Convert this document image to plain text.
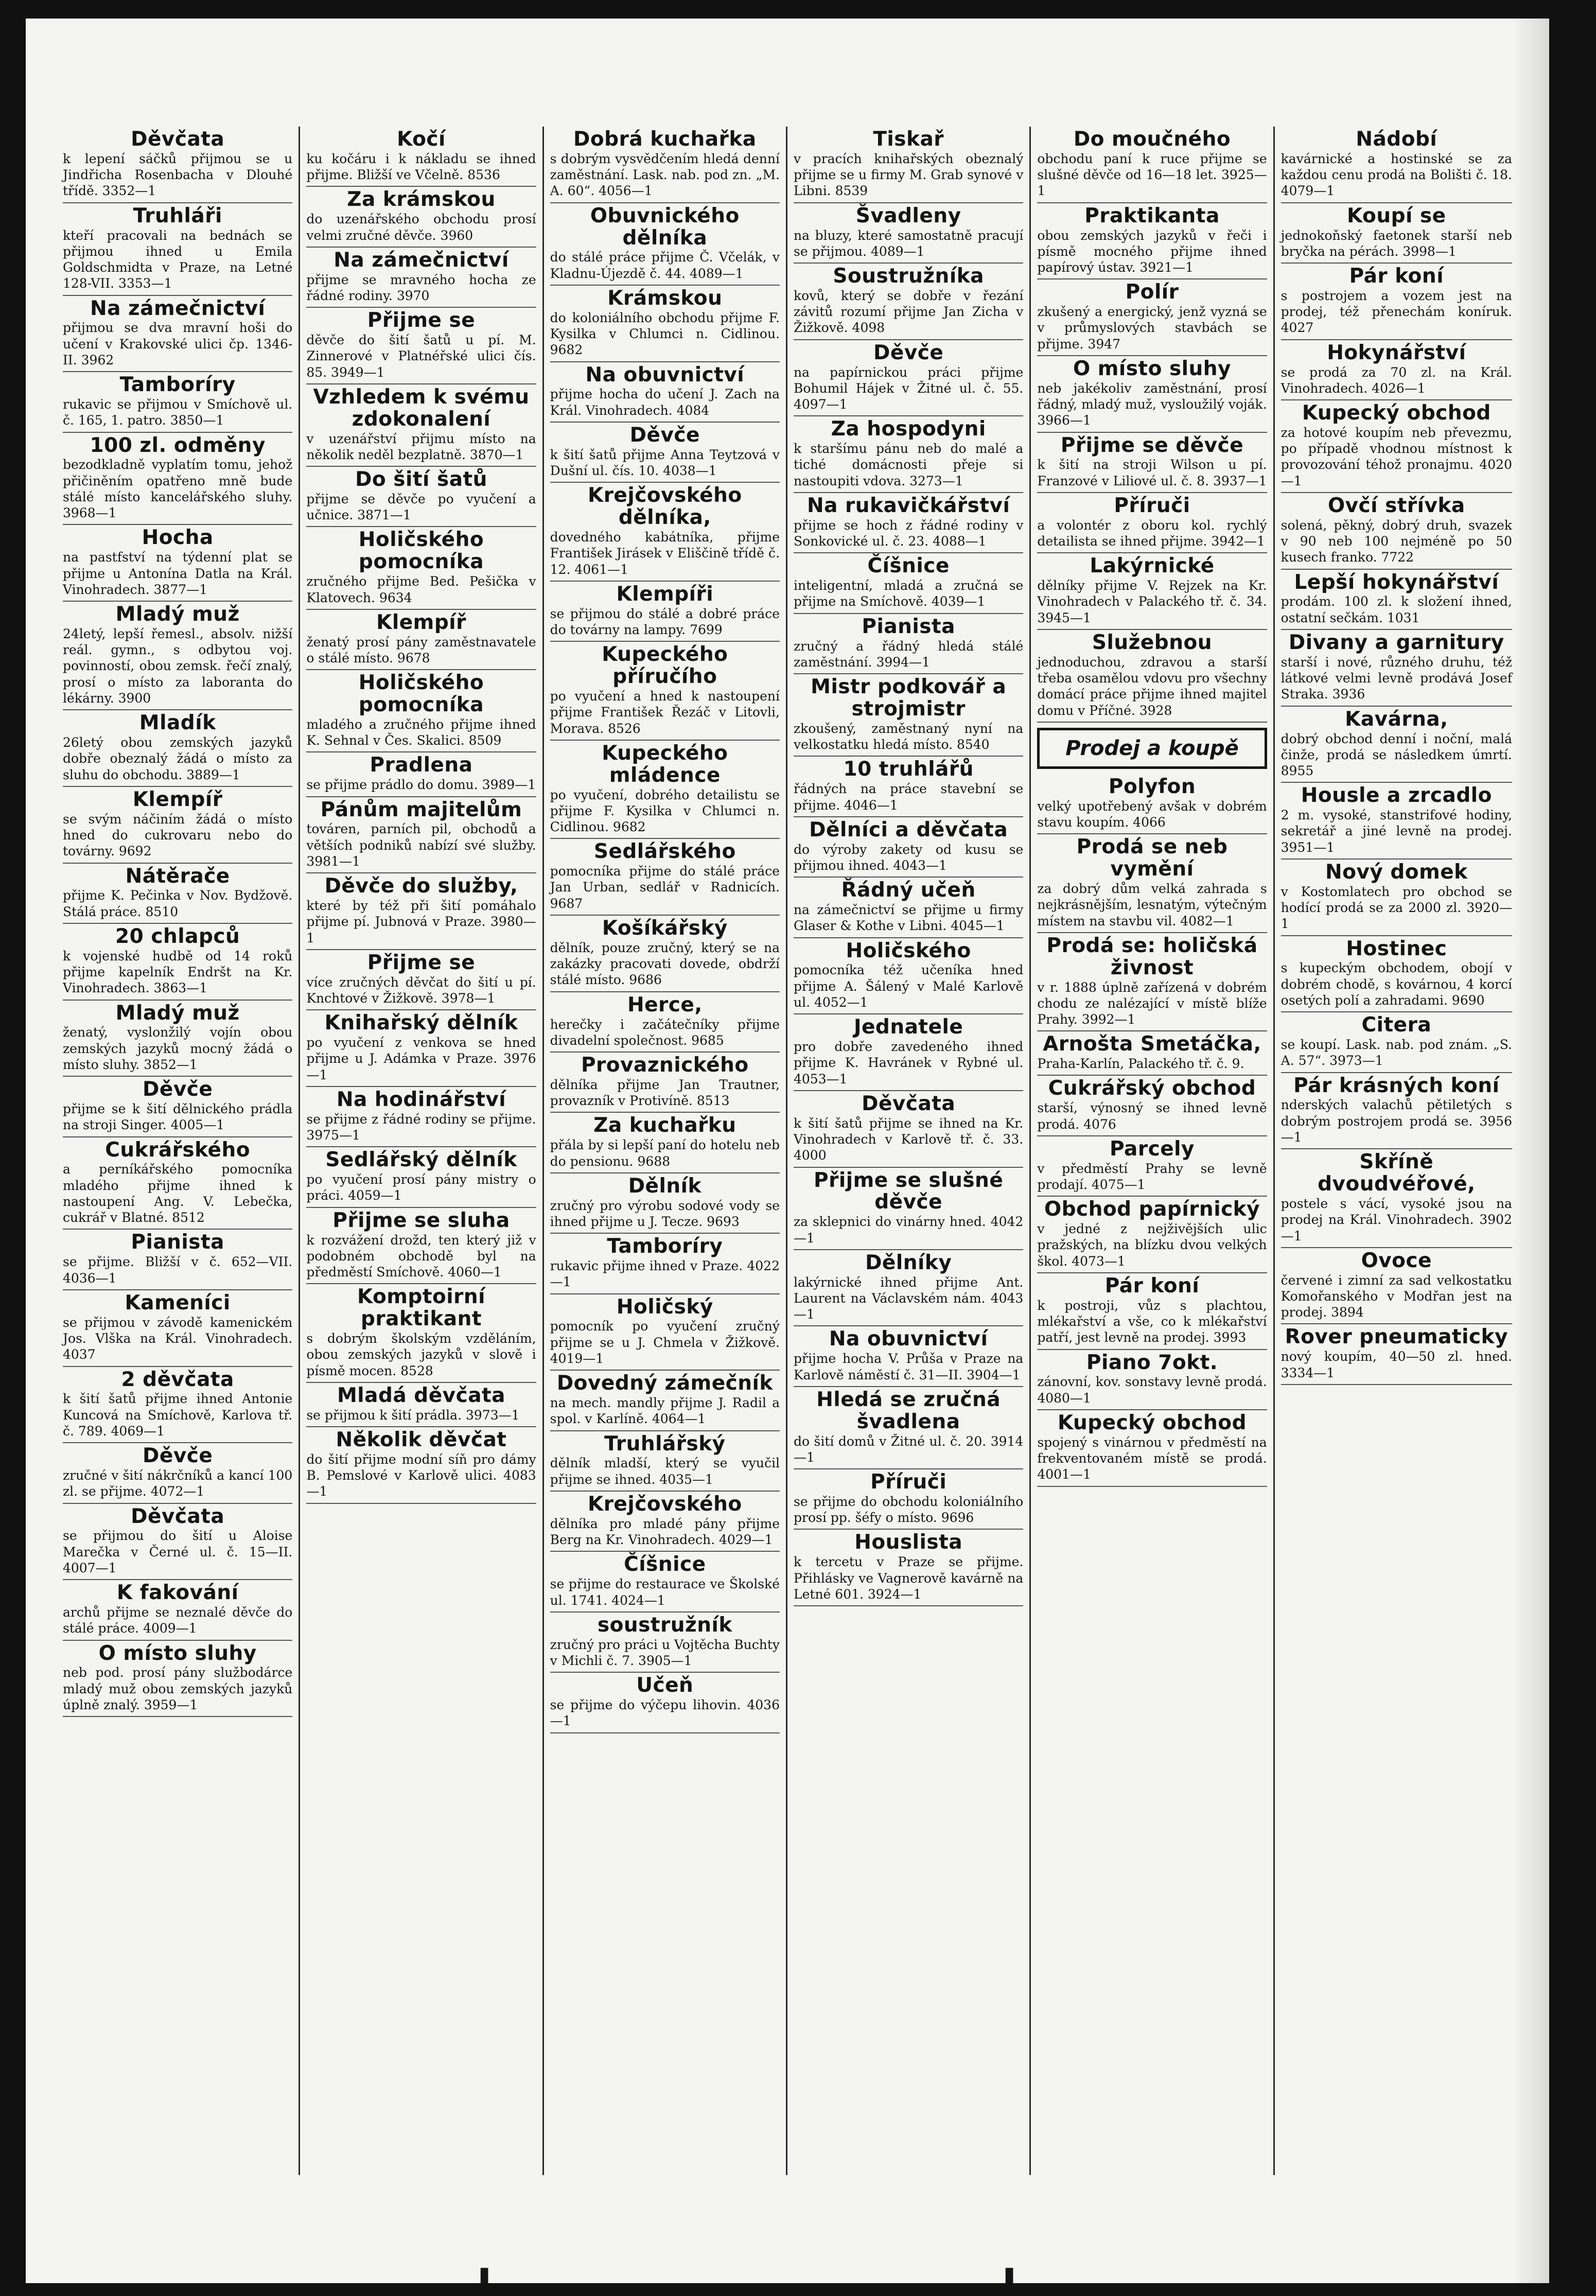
Děvčata
k lepení sáčků přijmou se u Jindřicha Rosenbacha v Dlouhé třídě. 3352—1
Truhláři
kteří pracovali na bednách se přijmou ihned u Emila Goldschmidta v Praze, na Letné 128-VII. 3353—1
Na zámečnictví
přijmou se dva mravní hoši do učení v Krakovské ulici čp. 1346-II. 3962
Tamboríry
rukavic se přijmou v Smíchově ul. č. 165, 1. patro. 3850—1
100 zl. odměny
bezodkladně vyplatím tomu, jehož přičiněním opatřeno mně bude stálé místo kancelářského sluhy. 3968—1
Hocha
na pastfství na týdenní plat se přijme u Antonína Datla na Král. Vinohradech. 3877—1
Mladý muž
24letý, lepší řemesl., absolv. nižší reál. gymn., s odbytou voj. povinností, obou zemsk. řečí znalý, prosí o místo za laboranta do lékárny. 3900
Mladík
26letý obou zemských jazyků dobře obeznalý žádá o místo za sluhu do obchodu. 3889—1
Klempíř
se svým náčiním žádá o místo hned do cukrovaru nebo do továrny. 9692
Nátěrače
přijme K. Pečinka v Nov. Bydžově. Stálá práce. 8510
20 chlapců
k vojenské hudbě od 14 roků přijme kapelník Endršt na Kr. Vinohradech. 3863—1
Mladý muž
ženatý, vyslonžilý vojín obou zemských jazyků mocný žádá o místo sluhy. 3852—1
Děvče
přijme se k šití dělnického prádla na stroji Singer. 4005—1
Cukrářského
a perníkářského pomocníka mladého přijme ihned k nastoupení Ang. V. Lebečka, cukrář v Blatné. 8512
Pianista
se přijme. Bližší v č. 652—VII. 4036—1
Kameníci
se přijmou v závodě kamenickém Jos. Vlška na Král. Vinohradech. 4037
2 děvčata
k šití šatů přijme ihned Antonie Kuncová na Smíchově, Karlova tř. č. 789. 4069—1
Děvče
zručné v šití nákrčníků a kancí 100 zl. se přijme. 4072—1
Děvčata
se přijmou do šití u Aloise Marečka v Černé ul. č. 15—II. 4007—1
K fakování
archů přijme se neznalé děvče do stálé práce. 4009—1
O místo sluhy
neb pod. prosí pány službodárce mladý muž obou zemských jazyků úplně znalý. 3959—1
Kočí
ku kočáru i k nákladu se ihned přijme. Bližší ve Včelně. 8536
Za krámskou
do uzenářského obchodu prosí velmi zručné děvče. 3960
Na zámečnictví
přijme se mravného hocha ze řádné rodiny. 3970
Přijme se
děvče do šití šatů u pí. M. Zinnerové v Platnéřské ulici čís. 85. 3949—1
Vzhledem k svému zdokonalení
v uzenářství přijmu místo na několik neděl bezplatně. 3870—1
Do šití šatů
přijme se děvče po vyučení a učnice. 3871—1
Holičského pomocníka
zručného přijme Bed. Pešička v Klatovech. 9634
Klempíř
ženatý prosí pány zaměstnavatele o stálé místo. 9678
Holičského pomocníka
mladého a zručného přijme ihned K. Sehnal v Čes. Skalici. 8509
Pradlena
se přijme prádlo do domu. 3989—1
Pánům majitelům
továren, parních pil, obchodů a větších podniků nabízí své služby. 3981—1
Děvče do služby,
které by též při šití pomáhalo přijme pí. Jubnová v Praze. 3980—1
Přijme se
více zručných děvčat do šití u pí. Knchtové v Žižkově. 3978—1
Knihařský dělník
po vyučení z venkova se hned přijme u J. Adámka v Praze. 3976—1
Na hodinářství
se přijme z řádné rodiny se přijme. 3975—1
Sedlářský dělník
po vyučení prosí pány mistry o práci. 4059—1
Přijme se sluha
k rozvážení drožd, ten který již v podobném obchodě byl na předměstí Smíchově. 4060—1
Komptoirní praktikant
s dobrým školským vzděláním, obou zemských jazyků v slově i písmě mocen. 8528
Mladá děvčata
se přijmou k šití prádla. 3973—1
Několik děvčat
do šití přijme modní síň pro dámy B. Pemslové v Karlově ulici. 4083—1
Dobrá kuchařka
s dobrým vysvědčením hledá denní zaměstnání. Lask. nab. pod zn. „M. A. 60“. 4056—1
Obuvnického dělníka
do stálé práce přijme Č. Včelák, v Kladnu-Újezdě č. 44. 4089—1
Krámskou
do koloniálního obchodu přijme F. Kysilka v Chlumci n. Cidlinou. 9682
Na obuvnictví
přijme hocha do učení J. Zach na Král. Vinohradech. 4084
Děvče
k šití šatů přijme Anna Teytzová v Dušní ul. čís. 10. 4038—1
Krejčovského dělníka,
dovedného kabátníka, přijme František Jirásek v Eliščině třídě č. 12. 4061—1
Klempíři
se přijmou do stálé a dobré práce do továrny na lampy. 7699
Kupeckého příručího
po vyučení a hned k nastoupení přijme František Řezáč v Litovli, Morava. 8526
Kupeckého mládence
po vyučení, dobrého detailistu se přijme F. Kysilka v Chlumci n. Cidlinou. 9682
Sedlářského
pomocníka přijme do stálé práce Jan Urban, sedlář v Radnicích. 9687
Košíkářský
dělník, pouze zručný, který se na zakázky pracovati dovede, obdrží stálé místo. 9686
Herce,
herečky i začátečníky přijme divadelní společnost. 9685
Provaznického
dělníka přijme Jan Trautner, provazník v Protivíně. 8513
Za kuchařku
přála by si lepší paní do hotelu neb do pensionu. 9688
Dělník
zručný pro výrobu sodové vody se ihned přijme u J. Tecze. 9693
Tamboríry
rukavic přijme ihned v Praze. 4022—1
Holičský
pomocník po vyučení zručný přijme se u J. Chmela v Žižkově. 4019—1
Dovedný zámečník
na mech. mandly přijme J. Radil a spol. v Karlíně. 4064—1
Truhlářský
dělník mladší, který se vyučil přijme se ihned. 4035—1
Krejčovského
dělníka pro mladé pány přijme Berg na Kr. Vinohradech. 4029—1
Číšnice
se přijme do restaurace ve Školské ul. 1741. 4024—1
soustružník
zručný pro práci u Vojtěcha Buchty v Michli č. 7. 3905—1
Učeň
se přijme do výčepu lihovin. 4036—1
Tiskař
v pracích knihařských obeznalý přijme se u firmy M. Grab synové v Libni. 8539
Švadleny
na bluzy, které samostatně pracují se přijmou. 4089—1
Soustružníka
kovů, který se dobře v řezání závitů rozumí přijme Jan Zicha v Žižkově. 4098
Děvče
na papírnickou práci přijme Bohumil Hájek v Žitné ul. č. 55. 4097—1
Za hospodyni
k staršímu pánu neb do malé a tiché domácnosti přeje si nastoupiti vdova. 3273—1
Na rukavičkářství
přijme se hoch z řádné rodiny v Sonkovické ul. č. 23. 4088—1
Číšnice
inteligentní, mladá a zručná se přijme na Smíchově. 4039—1
Pianista
zručný a řádný hledá stálé zaměstnání. 3994—1
Mistr podkovář a strojmistr
zkoušený, zaměstnaný nyní na velkostatku hledá místo. 8540
10 truhlářů
řádných na práce stavební se přijme. 4046—1
Dělníci a děvčata
do výroby zakety od kusu se přijmou ihned. 4043—1
Řádný učeň
na zámečnictví se přijme u firmy Glaser & Kothe v Libni. 4045—1
Holičského
pomocníka též učeníka hned přijme A. Šálený v Malé Karlově ul. 4052—1
Jednatele
pro dobře zavedeného ihned přijme K. Havránek v Rybné ul. 4053—1
Děvčata
k šití šatů přijme se ihned na Kr. Vinohradech v Karlově tř. č. 33. 4000
Přijme se slušné děvče
za sklepnici do vinárny hned. 4042—1
Dělníky
lakýrnické ihned přijme Ant. Laurent na Václavském nám. 4043—1
Na obuvnictví
přijme hocha V. Průša v Praze na Karlově náměstí č. 31—II. 3904—1
Hledá se zručná švadlena
do šití domů v Žitné ul. č. 20. 3914—1
Příruči
se přijme do obchodu koloniálního prosí pp. šéfy o místo. 9696
Houslista
k tercetu v Praze se přijme. Přihlásky ve Vagnerově kavárně na Letné 601. 3924—1
Do moučného
obchodu paní k ruce přijme se slušné děvče od 16—18 let. 3925—1
Praktikanta
obou zemských jazyků v řeči i písmě mocného přijme ihned papírový ústav. 3921—1
Polír
zkušený a energický, jenž vyzná se v průmyslových stavbách se přijme. 3947
O místo sluhy
neb jakékoliv zaměstnání, prosí řádný, mladý muž, vysloužilý voják. 3966—1
Přijme se děvče
k šití na stroji Wilson u pí. Franzové v Liliové ul. č. 8. 3937—1
Příruči
a volontér z oboru kol. rychlý detailista se ihned přijme. 3942—1
Lakýrnické
dělníky přijme V. Rejzek na Kr. Vinohradech v Palackého tř. č. 34. 3945—1
Služebnou
jednoduchou, zdravou a starší třeba osamělou vdovu pro všechny domácí práce přijme ihned majitel domu v Příčné. 3928
Prodej a koupě
Polyfon
velký upotřebený avšak v dobrém stavu koupím. 4066
Prodá se neb vymění
za dobrý dům velká zahrada s nejkrásnějším, lesnatým, výtečným místem na stavbu vil. 4082—1
Prodá se: holičská živnost
v r. 1888 úplně zařízená v dobrém chodu ze nalézající v místě blíže Prahy. 3992—1
Arnošta Smetáčka,
Praha-Karlín, Palackého tř. č. 9.
Cukrářský obchod
starší, výnosný se ihned levně prodá. 4076
Parcely
v předměstí Prahy se levně prodají. 4075—1
Obchod papírnický
v jedné z nejživějších ulic pražských, na blízku dvou velkých škol. 4073—1
Pár koní
k postroji, vůz s plachtou, mlékařství a vše, co k mlékařství patří, jest levně na prodej. 3993
Piano 7okt.
zánovní, kov. sonstavy levně prodá. 4080—1
Kupecký obchod
spojený s vinárnou v předměstí na frekventovaném místě se prodá. 4001—1
Nádobí
kavárnické a hostinské se za každou cenu prodá na Bolišti č. 18. 4079—1
Koupí se
jednokoňský faetonek starší neb bryčka na pérách. 3998—1
Pár koní
s postrojem a vozem jest na prodej, též přenechám koníruk. 4027
Hokynářství
se prodá za 70 zl. na Král. Vinohradech. 4026—1
Kupecký obchod
za hotové koupím neb převezmu, po případě vhodnou místnost k provozování téhož pronajmu. 4020—1
Ovčí střívka
solená, pěkný, dobrý druh, svazek v 90 neb 100 nejméně po 50 kusech franko. 7722
Lepší hokynářství
prodám. 100 zl. k složení ihned, ostatní sečkám. 1031
Divany a garnitury
starší i nové, různého druhu, též látkové velmi levně prodává Josef Straka. 3936
Kavárna,
dobrý obchod denní i noční, malá činže, prodá se následkem úmrtí. 8955
Housle a zrcadlo
2 m. vysoké, stanstrifové hodiny, sekretář a jiné levně na prodej. 3951—1
Nový domek
v Kostomlatech pro obchod se hodící prodá se za 2000 zl. 3920—1
Hostinec
s kupeckým obchodem, obojí v dobrém chodě, s kovárnou, 4 korcí osetých polí a zahradami. 9690
Citera
se koupí. Lask. nab. pod znám. „S. A. 57“. 3973—1
Pár krásných koní
nderských valachů pětiletých s dobrým postrojem prodá se. 3956—1
Skříně dvoudvéřové,
postele s vácí, vysoké jsou na prodej na Král. Vinohradech. 3902—1
Ovoce
červené i zimní za sad velkostatku Komořanského v Modřan jest na prodej. 3894
Rover pneumaticky
nový koupím, 40—50 zl. hned. 3334—1
▮	▮
